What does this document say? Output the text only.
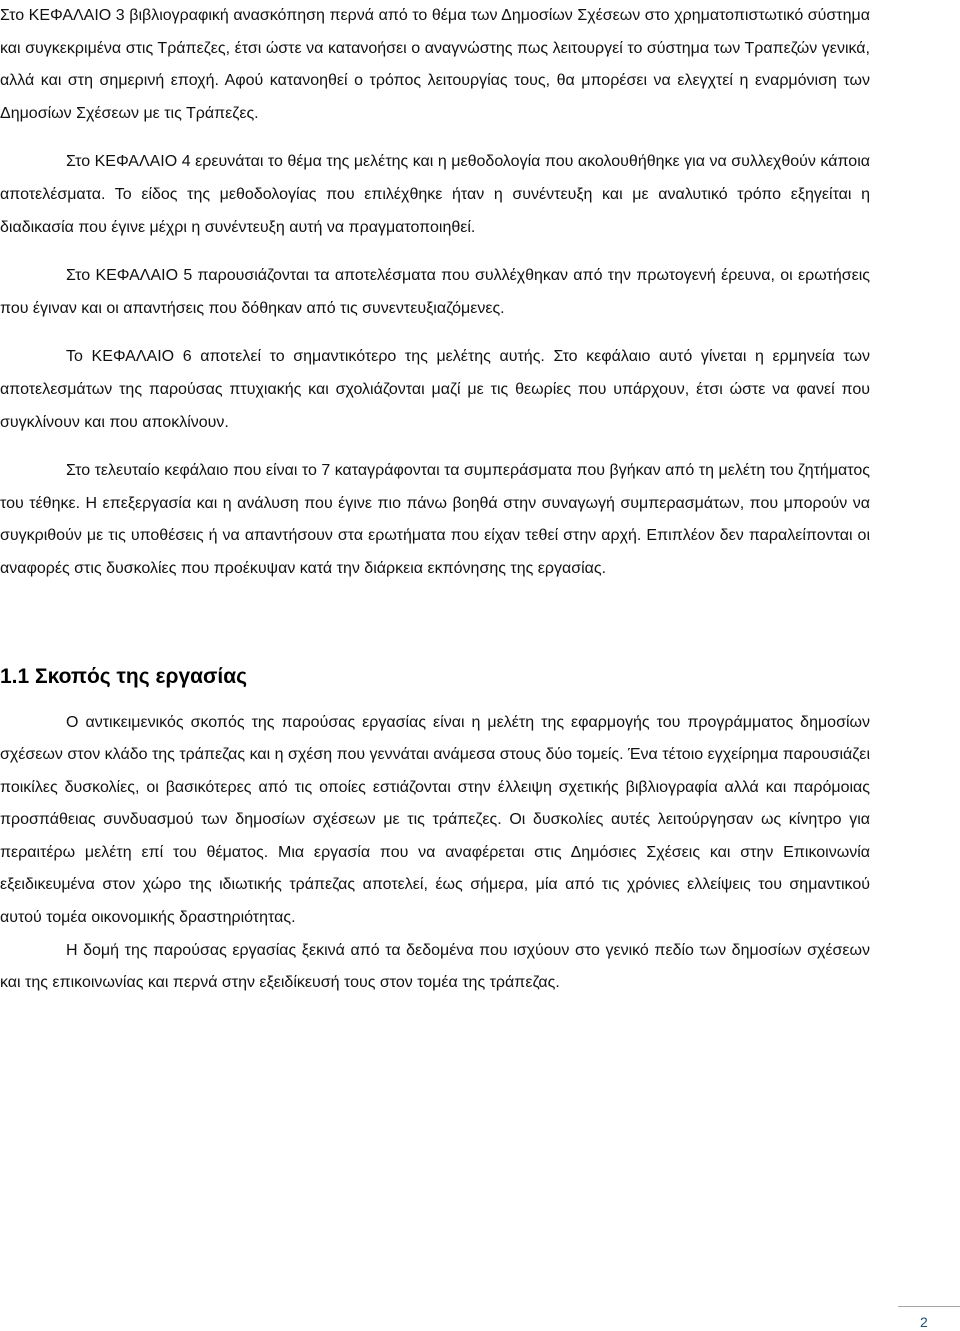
Στο ΚΕΦΑΛΑΙΟ 3 βιβλιογραφική ανασκόπηση περνά από το θέμα των Δημοσίων Σχέσεων στο χρηματοπιστωτικό σύστημα και συγκεκριμένα στις Τράπεζες, έτσι ώστε να κατανοήσει ο αναγνώστης πως λειτουργεί το σύστημα των Τραπεζών γενικά, αλλά και στη σημερινή εποχή. Αφού κατανοηθεί ο τρόπος λειτουργίας τους, θα μπορέσει να ελεγχτεί η εναρμόνιση των Δημοσίων Σχέσεων με τις Τράπεζες.

Στο ΚΕΦΑΛΑΙΟ 4 ερευνάται το θέμα της μελέτης και η μεθοδολογία που ακολουθήθηκε για να συλλεχθούν κάποια αποτελέσματα. Το είδος της μεθοδολογίας που επιλέχθηκε ήταν η συνέντευξη και με αναλυτικό τρόπο εξηγείται η διαδικασία που έγινε μέχρι η συνέντευξη αυτή να πραγματοποιηθεί.

Στο ΚΕΦΑΛΑΙΟ 5 παρουσιάζονται τα αποτελέσματα που συλλέχθηκαν από την πρωτογενή έρευνα, οι ερωτήσεις που έγιναν και οι απαντήσεις που δόθηκαν από τις συνεντευξιαζόμενες.

Το ΚΕΦΑΛΑΙΟ 6 αποτελεί το σημαντικότερο της μελέτης αυτής. Στο κεφάλαιο αυτό γίνεται η ερμηνεία των αποτελεσμάτων της παρούσας πτυχιακής και σχολιάζονται μαζί με τις θεωρίες που υπάρχουν, έτσι ώστε να φανεί που συγκλίνουν και που αποκλίνουν.

Στο τελευταίο κεφάλαιο που είναι το 7 καταγράφονται τα συμπεράσματα που βγήκαν από τη μελέτη του ζητήματος του τέθηκε. Η επεξεργασία και η ανάλυση που έγινε πιο πάνω βοηθά στην συναγωγή συμπερασμάτων, που μπορούν να συγκριθούν με τις υποθέσεις ή να απαντήσουν στα ερωτήματα που είχαν τεθεί στην αρχή. Επιπλέον δεν παραλείπονται οι αναφορές στις δυσκολίες που προέκυψαν κατά την διάρκεια εκπόνησης της εργασίας.

1.1 Σκοπός της εργασίας

Ο αντικειμενικός σκοπός της παρούσας εργασίας είναι η μελέτη της εφαρμογής του προγράμματος δημοσίων σχέσεων στον κλάδο της τράπεζας και η σχέση που γεννάται ανάμεσα στους δύο τομείς. Ένα τέτοιο εγχείρημα παρουσιάζει ποικίλες δυσκολίες, οι βασικότερες από τις οποίες εστιάζονται στην έλλειψη σχετικής βιβλιογραφία αλλά και παρόμοιας προσπάθειας συνδυασμού των δημοσίων σχέσεων με τις τράπεζες. Οι δυσκολίες αυτές λειτούργησαν ως κίνητρο για περαιτέρω μελέτη επί του θέματος. Μια εργασία που να αναφέρεται στις Δημόσιες Σχέσεις και στην Επικοινωνία εξειδικευμένα στον χώρο της ιδιωτικής τράπεζας αποτελεί, έως σήμερα, μία από τις χρόνιες ελλείψεις του σημαντικού αυτού τομέα οικονομικής δραστηριότητας.

Η δομή της παρούσας εργασίας ξεκινά από τα δεδομένα που ισχύουν στο γενικό πεδίο των δημοσίων σχέσεων και της επικοινωνίας και περνά στην εξειδίκευσή τους στον τομέα της τράπεζας.

2
